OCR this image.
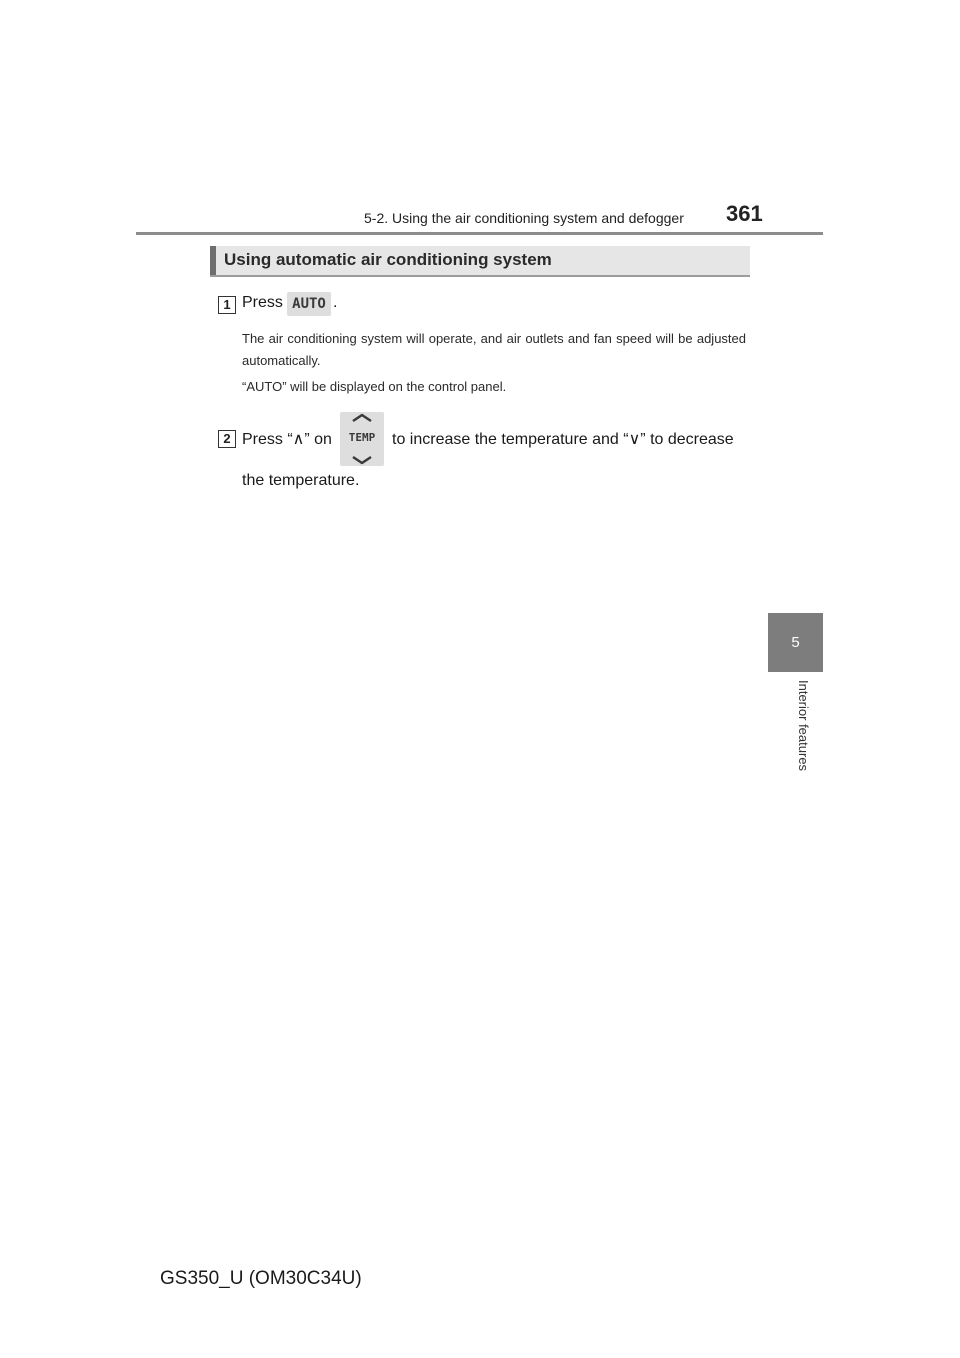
5-2. Using the air conditioning system and defogger 361
Using automatic air conditioning system
1 Press AUTO .
The air conditioning system will operate, and air outlets and fan speed will be adjusted automatically.
“AUTO” will be displayed on the control panel.
2 Press “∧” on	TEMP	to increase the temperature and “∨” to decrease
the temperature.
5
Interior features
GS350_U (OM30C34U)
